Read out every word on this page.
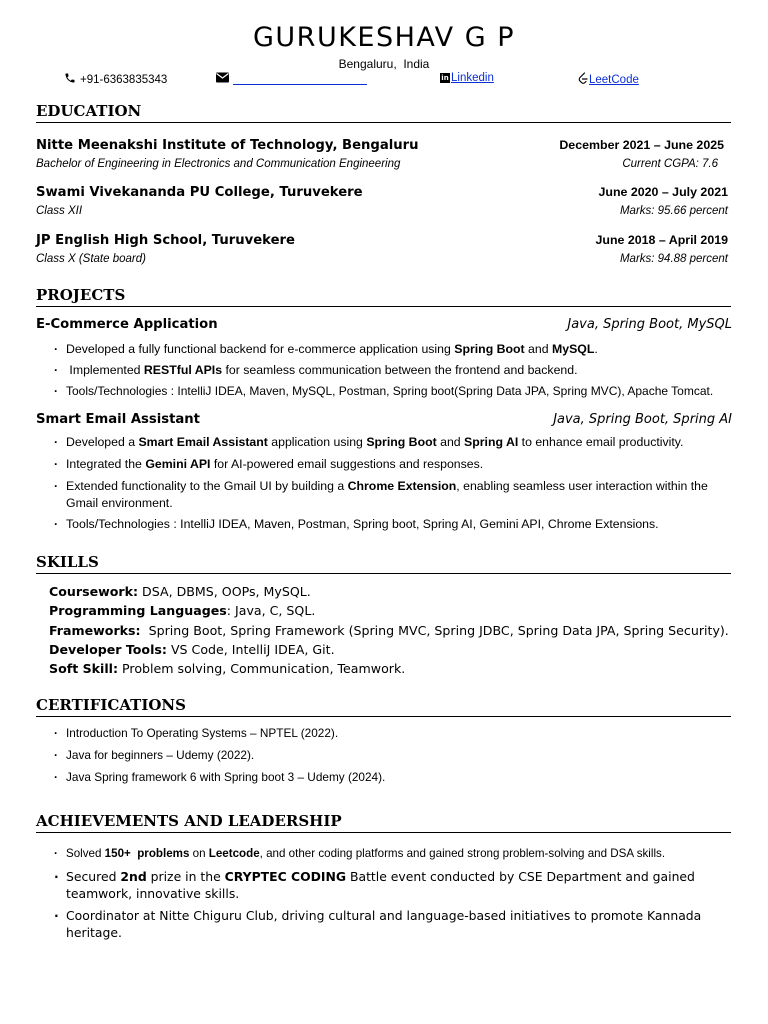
GURUKESHAV G P
Bengaluru,  India
+91-6363835343	in Linkedin	LeetCode
EDUCATION
Nitte Meenakshi Institute of Technology, Bengaluru	December 2021 – June 2025
Bachelor of Engineering in Electronics and Communication Engineering	Current CGPA: 7.6
Swami Vivekananda PU College, Turuvekere	June 2020 – July 2021
Class XII	Marks: 95.66 percent
JP English High School, Turuvekere	June 2018 – April 2019
Class X (State board)	Marks: 94.88 percent
PROJECTS
E-Commerce Application	Java, Spring Boot, MySQL
· Developed a fully functional backend for e-commerce application using Spring Boot and MySQL.
·  Implemented RESTful APIs for seamless communication between the frontend and backend.
· Tools/Technologies : IntelliJ IDEA, Maven, MySQL, Postman, Spring boot(Spring Data JPA, Spring MVC), Apache Tomcat.
Smart Email Assistant	Java, Spring Boot, Spring AI
· Developed a Smart Email Assistant application using Spring Boot and Spring AI to enhance email productivity.
· Integrated the Gemini API for AI-powered email suggestions and responses.
· Extended functionality to the Gmail UI by building a Chrome Extension, enabling seamless user interaction within the Gmail environment.
· Tools/Technologies : IntelliJ IDEA, Maven, Postman, Spring boot, Spring AI, Gemini API, Chrome Extensions.
SKILLS
Coursework: DSA, DBMS, OOPs, MySQL.
Programming Languages: Java, C, SQL.
Frameworks:  Spring Boot, Spring Framework (Spring MVC, Spring JDBC, Spring Data JPA, Spring Security).
Developer Tools: VS Code, IntelliJ IDEA, Git.
Soft Skill: Problem solving, Communication, Teamwork.
CERTIFICATIONS
· Introduction To Operating Systems – NPTEL (2022).
· Java for beginners – Udemy (2022).
· Java Spring framework 6 with Spring boot 3 – Udemy (2024).
ACHIEVEMENTS AND LEADERSHIP
· Solved 150+  problems on Leetcode, and other coding platforms and gained strong problem-solving and DSA skills.
· Secured 2nd prize in the CRYPTEC CODING Battle event conducted by CSE Department and gained teamwork, innovative skills.
· Coordinator at Nitte Chiguru Club, driving cultural and language-based initiatives to promote Kannada heritage.
